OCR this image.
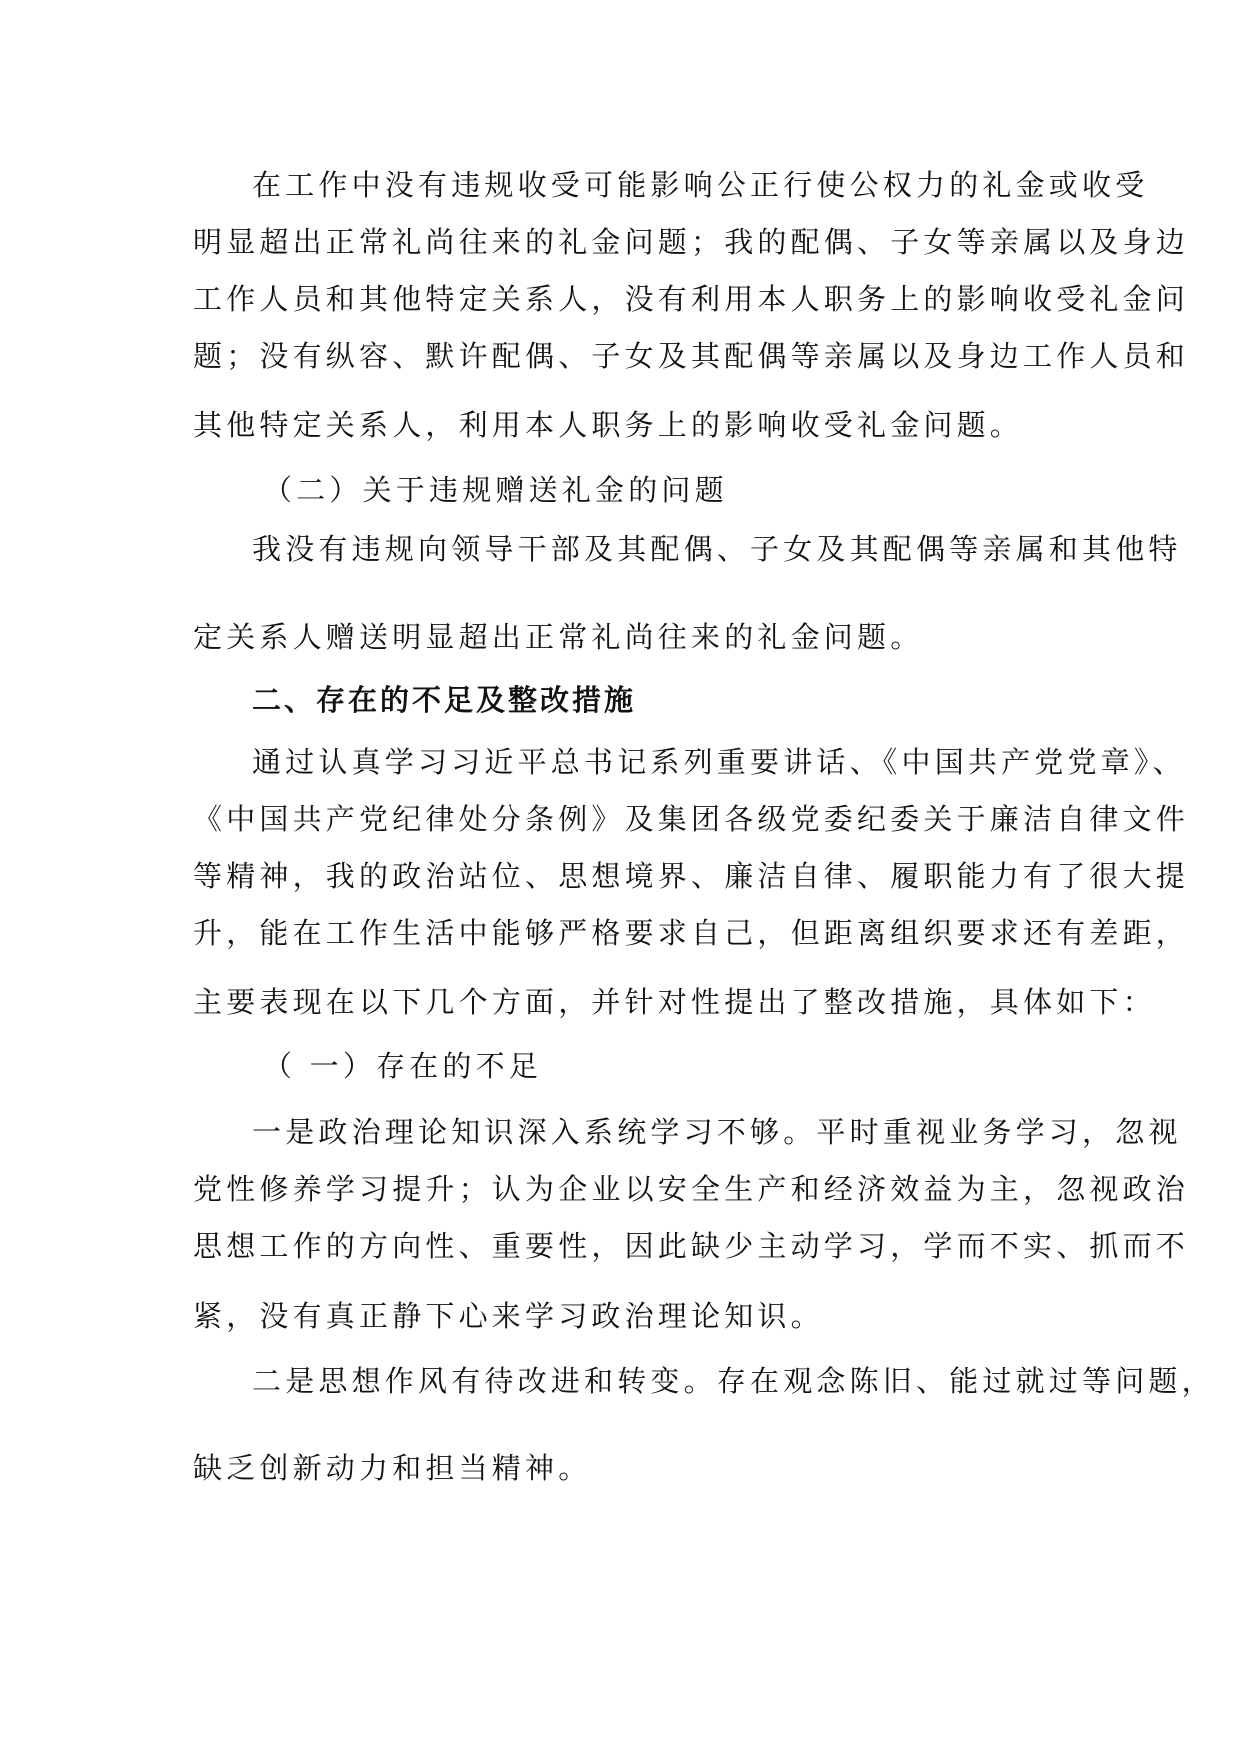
在工作中没有违规收受可能影响公正行使公权力的礼金或收受
明显超出正常礼尚往来的礼金问题；我的配偶、子女等亲属以及身边
工作人员和其他特定关系人，没有利用本人职务上的影响收受礼金问
题；没有纵容、默许配偶、子女及其配偶等亲属以及身边工作人员和
其他特定关系人，利用本人职务上的影响收受礼金问题。
（二）关于违规赠送礼金的问题
我没有违规向领导干部及其配偶、子女及其配偶等亲属和其他特
定关系人赠送明显超出正常礼尚往来的礼金问题。
二、存在的不足及整改措施
通过认真学习习近平总书记系列重要讲话、《中国共产党党章》、
《中国共产党纪律处分条例》及集团各级党委纪委关于廉洁自律文件
等精神，我的政治站位、思想境界、廉洁自律、履职能力有了很大提
升，能在工作生活中能够严格要求自己，但距离组织要求还有差距，
主要表现在以下几个方面，并针对性提出了整改措施，具体如下：
（ 一）存在的不足
一是政治理论知识深入系统学习不够。平时重视业务学习，忽视
党性修养学习提升；认为企业以安全生产和经济效益为主，忽视政治
思想工作的方向性、重要性，因此缺少主动学习，学而不实、抓而不
紧，没有真正静下心来学习政治理论知识。
二是思想作风有待改进和转变。存在观念陈旧、能过就过等问题，
缺乏创新动力和担当精神。
